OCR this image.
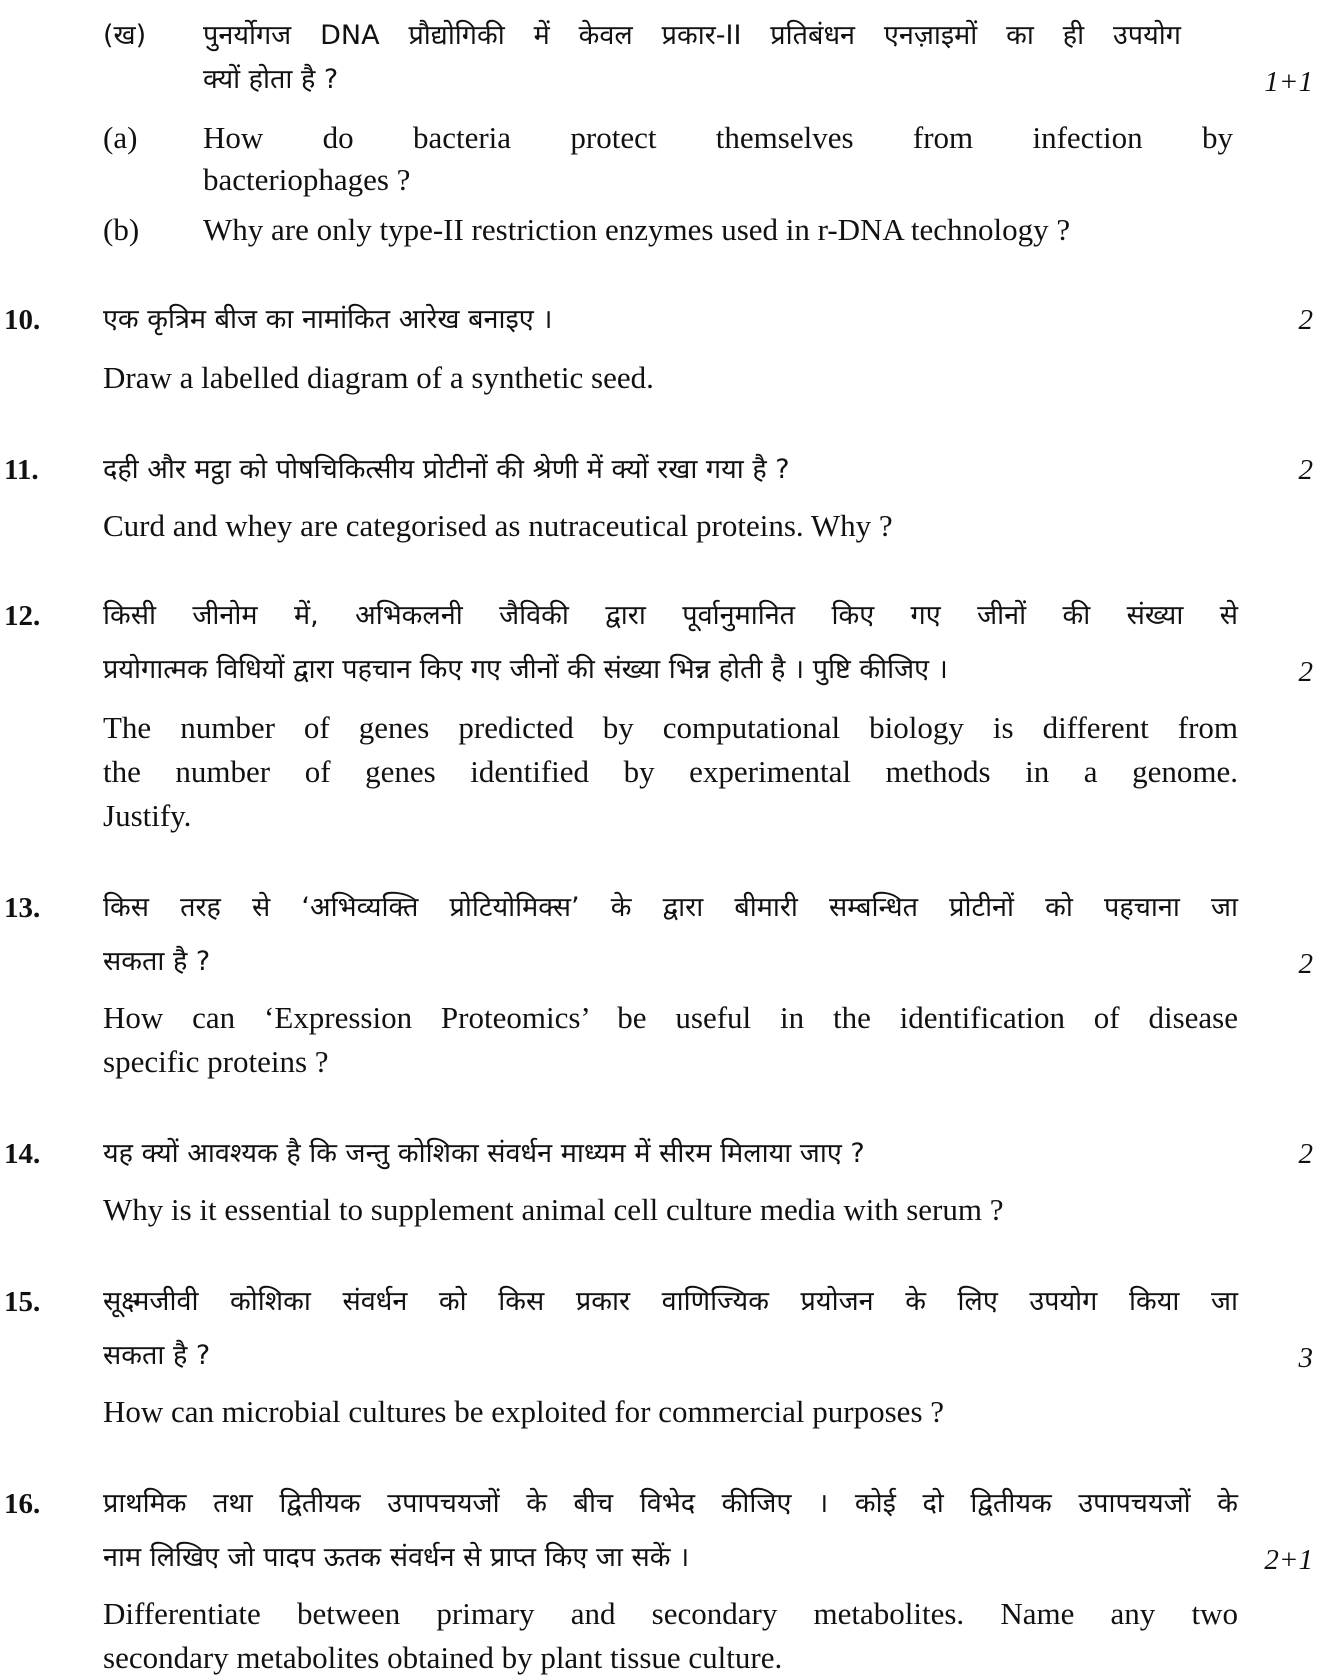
(ख) पुनर्योगज DNA प्रौद्योगिकी में केवल प्रकार-II प्रतिबंधन एनज़ाइमों का ही उपयोग
क्यों होता है ?	1+1
(a) How do bacteria protect themselves from infection by
bacteriophages ?
(b) Why are only type-II restriction enzymes used in r-DNA technology ?
10. एक कृत्रिम बीज का नामांकित आरेख बनाइए ।	2
Draw a labelled diagram of a synthetic seed.
11. दही और मट्ठा को पोषचिकित्सीय प्रोटीनों की श्रेणी में क्यों रखा गया है ?	2
Curd and whey are categorised as nutraceutical proteins. Why ?
12. किसी जीनोम में, अभिकलनी जैविकी द्वारा पूर्वानुमानित किए गए जीनों की संख्या से
प्रयोगात्मक विधियों द्वारा पहचान किए गए जीनों की संख्या भिन्न होती है । पुष्टि कीजिए ।	2
The number of genes predicted by computational biology is different from
the number of genes identified by experimental methods in a genome.
Justify.
13. किस तरह से ‘अभिव्यक्ति प्रोटियोमिक्स’ के द्वारा बीमारी सम्बन्धित प्रोटीनों को पहचाना जा
सकता है ?	2
How can ‘Expression Proteomics’ be useful in the identification of disease
specific proteins ?
14. यह क्यों आवश्यक है कि जन्तु कोशिका संवर्धन माध्यम में सीरम मिलाया जाए ?	2
Why is it essential to supplement animal cell culture media with serum ?
15. सूक्ष्मजीवी कोशिका संवर्धन को किस प्रकार वाणिज्यिक प्रयोजन के लिए उपयोग किया जा
सकता है ?	3
How can microbial cultures be exploited for commercial purposes ?
16. प्राथमिक तथा द्वितीयक उपापचयजों के बीच विभेद कीजिए । कोई दो द्वितीयक उपापचयजों के
नाम लिखिए जो पादप ऊतक संवर्धन से प्राप्त किए जा सकें ।	2+1
Differentiate between primary and secondary metabolites. Name any two
secondary metabolites obtained by plant tissue culture.
